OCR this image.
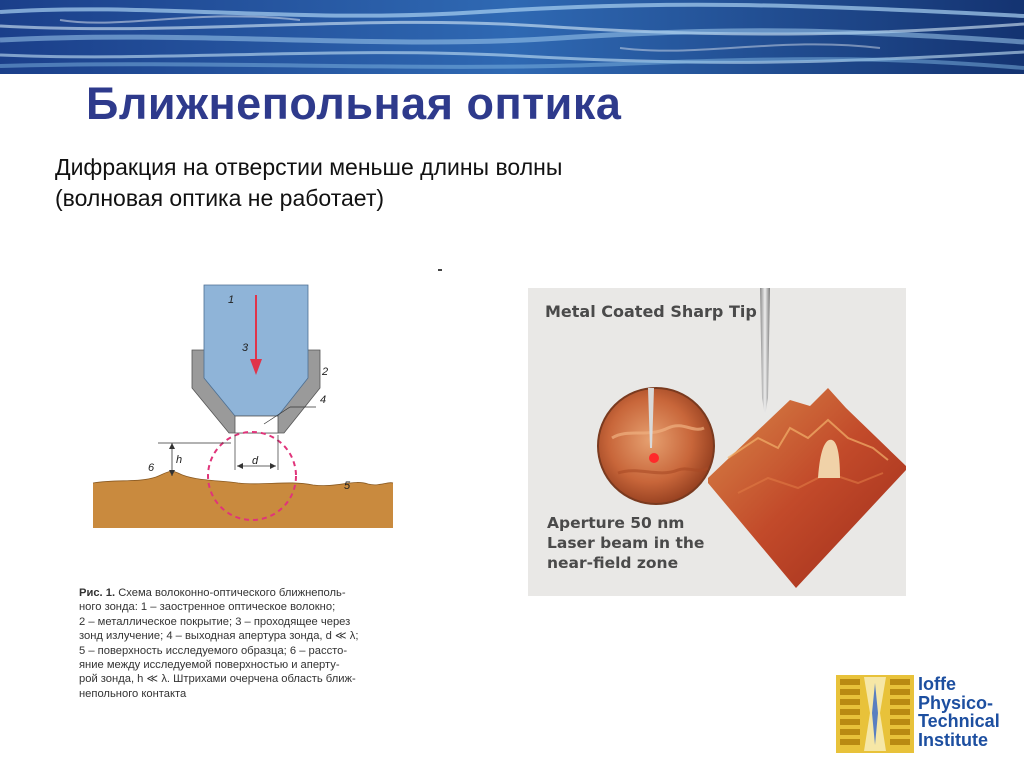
Ближнепольная оптика
Дифракция на отверстии меньше длины волны
(волновая оптика не работает)
1
3
2
4
6
h	d
5
Рис. 1. Схема волоконно-оптического ближнеполь-
ного зонда: 1 – заостренное оптическое волокно;
2 – металлическое покрытие; 3 – проходящее через
зонд излучение; 4 – выходная апертура зонда, d ≪ λ;
5 – поверхность исследуемого образца; 6 – рассто-
яние между исследуемой поверхностью и аперту-
рой зонда, h ≪ λ. Штрихами очерчена область ближ-
непольного контакта
Metal Coated Sharp Tip
Aperture 50 nm
Laser beam in the
near-field zone
Ioffe
Physico-
Technical
Institute
